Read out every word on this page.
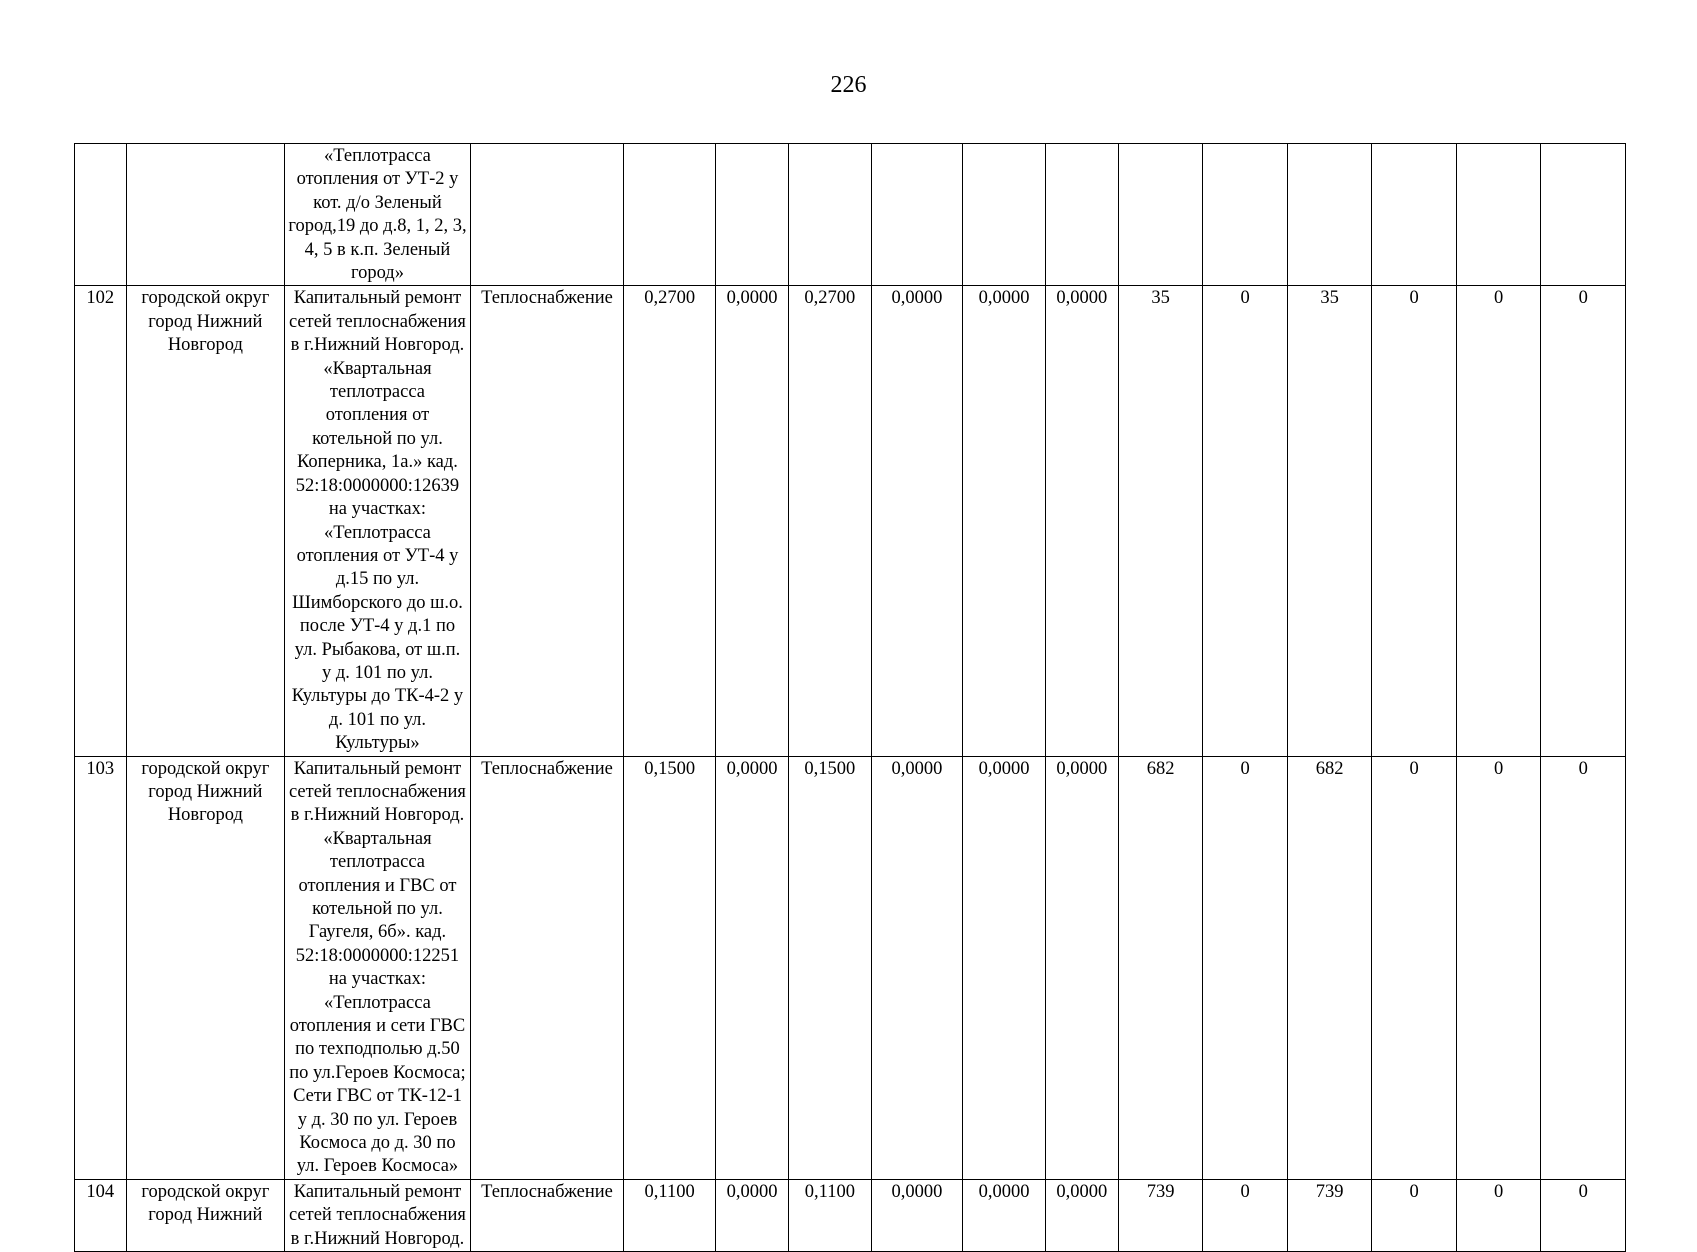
226
		«Теплотрасса отопления от УТ-2 у кот. д/о Зеленый город,19 до д.8, 1, 2, 3, 4, 5 в к.п. Зеленый город»													
102	городской округ город Нижний Новгород	Капитальный ремонт сетей теплоснабжения в г.Нижний Новгород. «Квартальная теплотрасса отопления от котельной по ул. Коперника, 1а.» кад. 52:18:0000000:12639 на участках: «Теплотрасса отопления от УТ-4 у д.15 по ул. Шимборского до ш.о. после УТ-4 у д.1 по ул. Рыбакова, от ш.п. у д. 101 по ул. Культуры до ТК-4-2 у д. 101 по ул. Культуры»	Теплоснабжение	0,2700	0,0000	0,2700	0,0000	0,0000	0,0000	35	0	35	0	0	0
103	городской округ город Нижний Новгород	Капитальный ремонт сетей теплоснабжения в г.Нижний Новгород. «Квартальная теплотрасса отопления и ГВС от котельной по ул. Гаугеля, 6б». кад. 52:18:0000000:12251 на участках: «Теплотрасса отопления и сети ГВС по техподполью д.50 по ул.Героев Космоса; Сети ГВС от ТК-12-1 у д. 30 по ул. Героев Космоса до д. 30 по ул. Героев Космоса»	Теплоснабжение	0,1500	0,0000	0,1500	0,0000	0,0000	0,0000	682	0	682	0	0	0
104	городской округ город Нижний	Капитальный ремонт сетей теплоснабжения в г.Нижний Новгород.	Теплоснабжение	0,1100	0,0000	0,1100	0,0000	0,0000	0,0000	739	0	739	0	0	0
